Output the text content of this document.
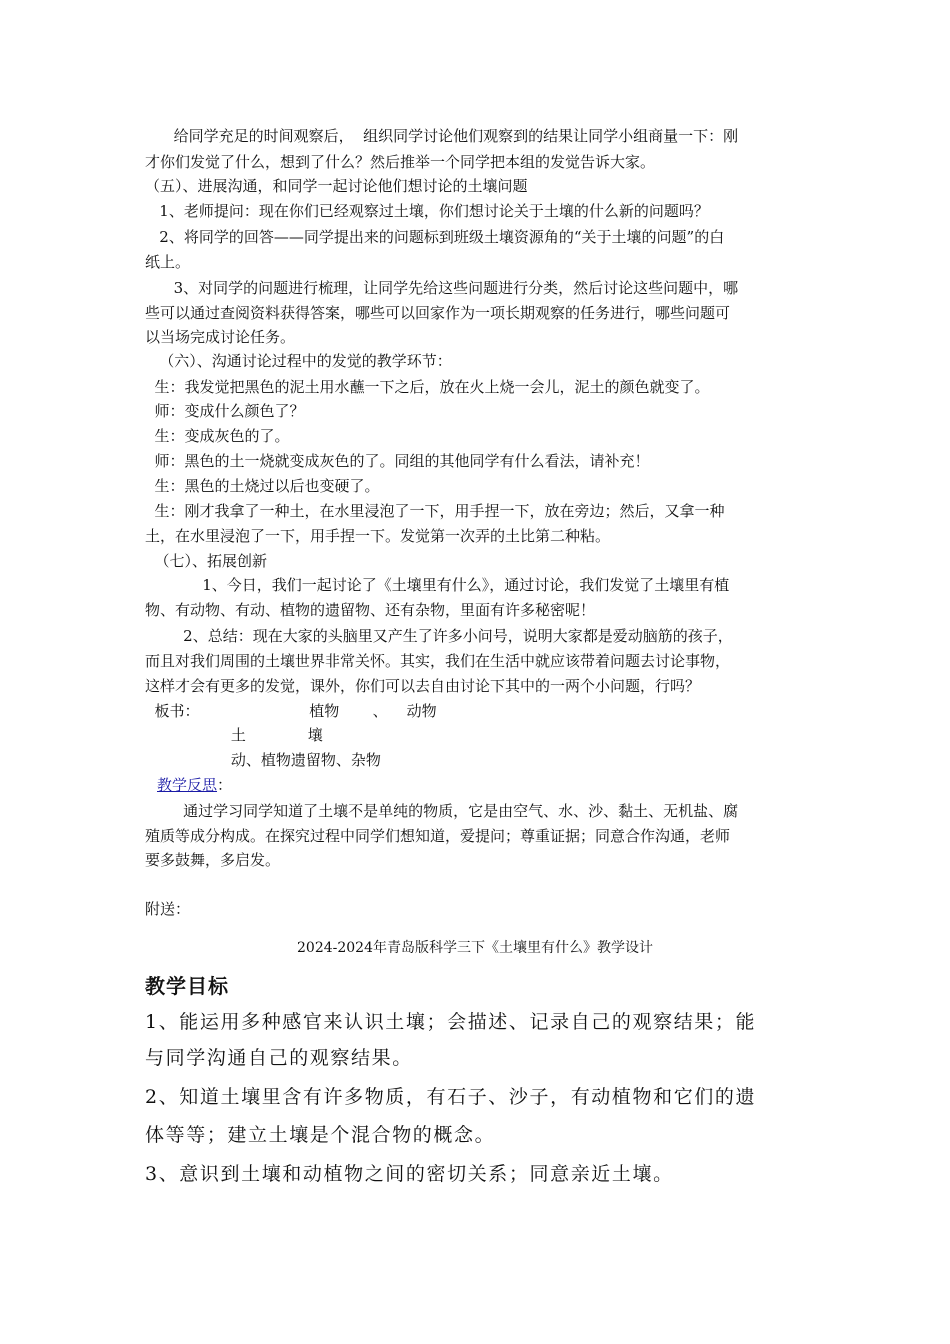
给同学充足的时间观察后，  组织同学讨论他们观察到的结果让同学小组商量一下：刚
才你们发觉了什么，想到了什么？然后推举一个同学把本组的发觉告诉大家。
（五）、进展沟通，和同学一起讨论他们想讨论的土壤问题
1、老师提问：现在你们已经观察过土壤，你们想讨论关于土壤的什么新的问题吗？
2、将同学的回答——同学提出来的问题标到班级土壤资源角的“关于土壤的问题”的白
纸上。
3、对同学的问题进行梳理，让同学先给这些问题进行分类，然后讨论这些问题中，哪
些可以通过查阅资料获得答案，哪些可以回家作为一项长期观察的任务进行，哪些问题可
以当场完成讨论任务。
（六）、沟通讨论过程中的发觉的教学环节：
生：我发觉把黑色的泥土用水蘸一下之后，放在火上烧一会儿，泥土的颜色就变了。
师：变成什么颜色了？
生：变成灰色的了。
师：黑色的土一烧就变成灰色的了。同组的其他同学有什么看法，请补充！
生：黑色的土烧过以后也变硬了。
生：刚才我拿了一种土，在水里浸泡了一下，用手捏一下，放在旁边；然后，又拿一种
土，在水里浸泡了一下，用手捏一下。发觉第一次弄的土比第二种粘。
（七）、拓展创新
1、今日，我们一起讨论了《土壤里有什么》，通过讨论，我们发觉了土壤里有植
物、有动物、有动、植物的遗留物、还有杂物，里面有许多秘密呢！
2、总结：现在大家的头脑里又产生了许多小问号，说明大家都是爱动脑筋的孩子，
而且对我们周围的土壤世界非常关怀。其实，我们在生活中就应该带着问题去讨论事物，
这样才会有更多的发觉，课外，你们可以去自由讨论下其中的一两个小问题，行吗？
板书：                       植物       、    动物
土             壤
动、植物遗留物、杂物
教学反思：
通过学习同学知道了土壤不是单纯的物质，它是由空气、水、沙、黏土、无机盐、腐
殖质等成分构成。在探究过程中同学们想知道，爱提问；尊重证据；同意合作沟通，老师
要多鼓舞，多启发。
附送：
2024-2024年青岛版科学三下《土壤里有什么》教学设计
教学目标
1、能运用多种感官来认识土壤；会描述、记录自己的观察结果；能
与同学沟通自己的观察结果。
2、知道土壤里含有许多物质，有石子、沙子，有动植物和它们的遗
体等等；建立土壤是个混合物的概念。
3、意识到土壤和动植物之间的密切关系；同意亲近土壤。
